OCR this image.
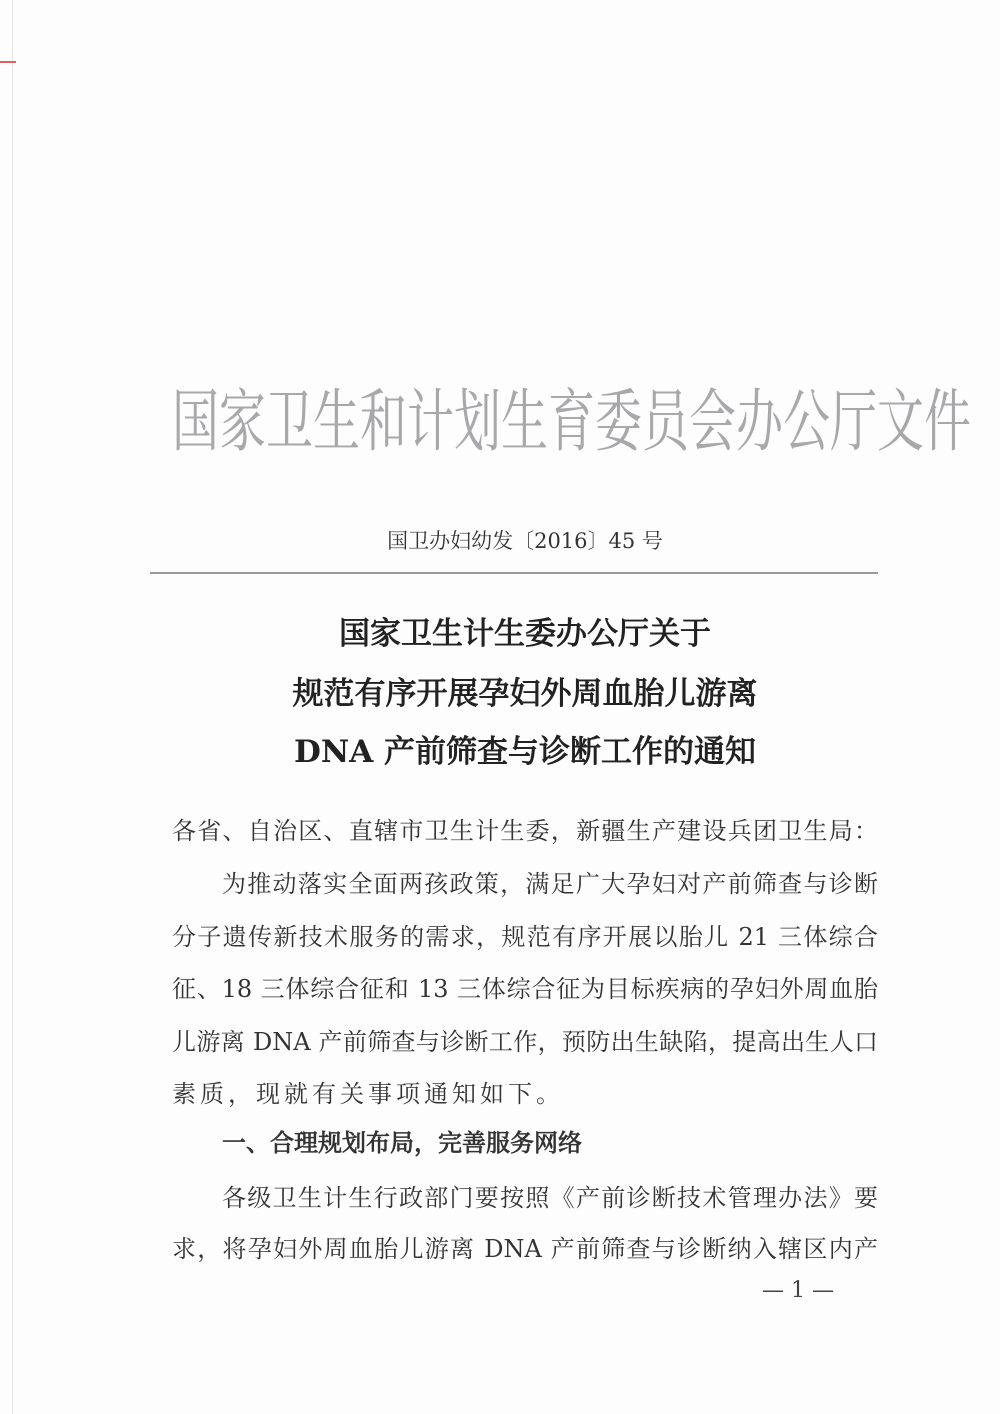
国家卫生和计划生育委员会办公厅文件
国卫办妇幼发〔2016〕45 号
国家卫生计生委办公厅关于
规范有序开展孕妇外周血胎儿游离
DNA 产前筛查与诊断工作的通知
各省、自治区、直辖市卫生计生委，新疆生产建设兵团卫生局：
为推动落实全面两孩政策，满足广大孕妇对产前筛查与诊断
分子遗传新技术服务的需求，规范有序开展以胎儿 21 三体综合
征、18 三体综合征和 13 三体综合征为目标疾病的孕妇外周血胎
儿游离 DNA 产前筛查与诊断工作，预防出生缺陷，提高出生人口
素质，现就有关事项通知如下。
一、合理规划布局，完善服务网络
各级卫生计生行政部门要按照《产前诊断技术管理办法》要
求，将孕妇外周血胎儿游离 DNA 产前筛查与诊断纳入辖区内产
— 1 —
